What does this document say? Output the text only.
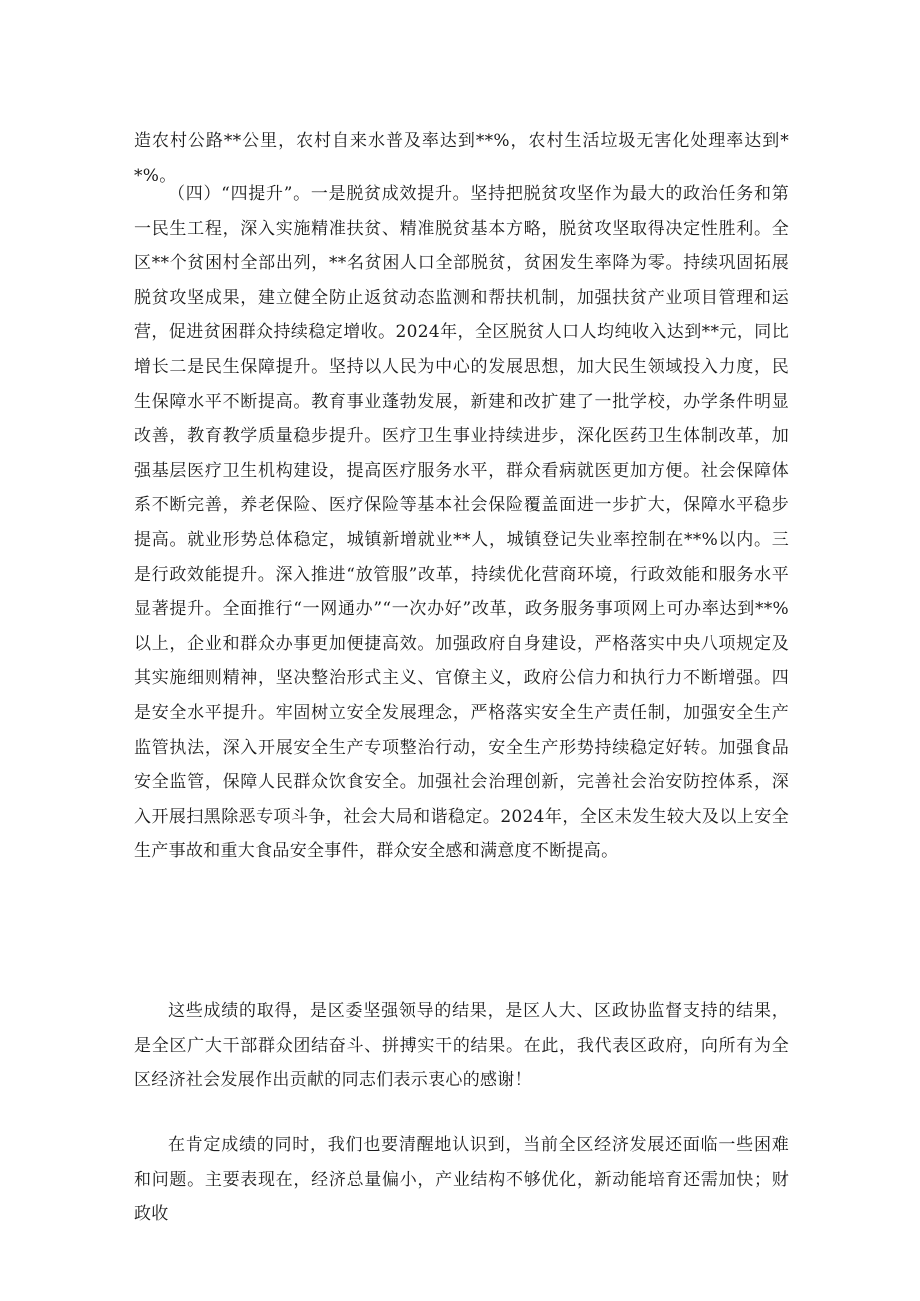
造农村公路**公里，农村自来水普及率达到**%，农村生活垃圾无害化处理率达到**%。

（四）“四提升”。一是脱贫成效提升。坚持把脱贫攻坚作为最大的政治任务和第一民生工程，深入实施精准扶贫、精准脱贫基本方略，脱贫攻坚取得决定性胜利。全区**个贫困村全部出列，**名贫困人口全部脱贫，贫困发生率降为零。持续巩固拓展脱贫攻坚成果，建立健全防止返贫动态监测和帮扶机制，加强扶贫产业项目管理和运营，促进贫困群众持续稳定增收。2024年，全区脱贫人口人均纯收入达到**元，同比增长二是民生保障提升。坚持以人民为中心的发展思想，加大民生领域投入力度，民生保障水平不断提高。教育事业蓬勃发展，新建和改扩建了一批学校，办学条件明显改善，教育教学质量稳步提升。医疗卫生事业持续进步，深化医药卫生体制改革，加强基层医疗卫生机构建设，提高医疗服务水平，群众看病就医更加方便。社会保障体系不断完善，养老保险、医疗保险等基本社会保险覆盖面进一步扩大，保障水平稳步提高。就业形势总体稳定，城镇新增就业**人，城镇登记失业率控制在**%以内。三是行政效能提升。深入推进“放管服”改革，持续优化营商环境，行政效能和服务水平显著提升。全面推行“一网通办”“一次办好”改革，政务服务事项网上可办率达到**%以上，企业和群众办事更加便捷高效。加强政府自身建设，严格落实中央八项规定及其实施细则精神，坚决整治形式主义、官僚主义，政府公信力和执行力不断增强。四是安全水平提升。牢固树立安全发展理念，严格落实安全生产责任制，加强安全生产监管执法，深入开展安全生产专项整治行动，安全生产形势持续稳定好转。加强食品安全监管，保障人民群众饮食安全。加强社会治理创新，完善社会治安防控体系，深入开展扫黑除恶专项斗争，社会大局和谐稳定。2024年，全区未发生较大及以上安全生产事故和重大食品安全事件，群众安全感和满意度不断提高。

这些成绩的取得，是区委坚强领导的结果，是区人大、区政协监督支持的结果，是全区广大干部群众团结奋斗、拼搏实干的结果。在此，我代表区政府，向所有为全区经济社会发展作出贡献的同志们表示衷心的感谢！

在肯定成绩的同时，我们也要清醒地认识到，当前全区经济发展还面临一些困难和问题。主要表现在，经济总量偏小，产业结构不够优化，新动能培育还需加快；财政收
